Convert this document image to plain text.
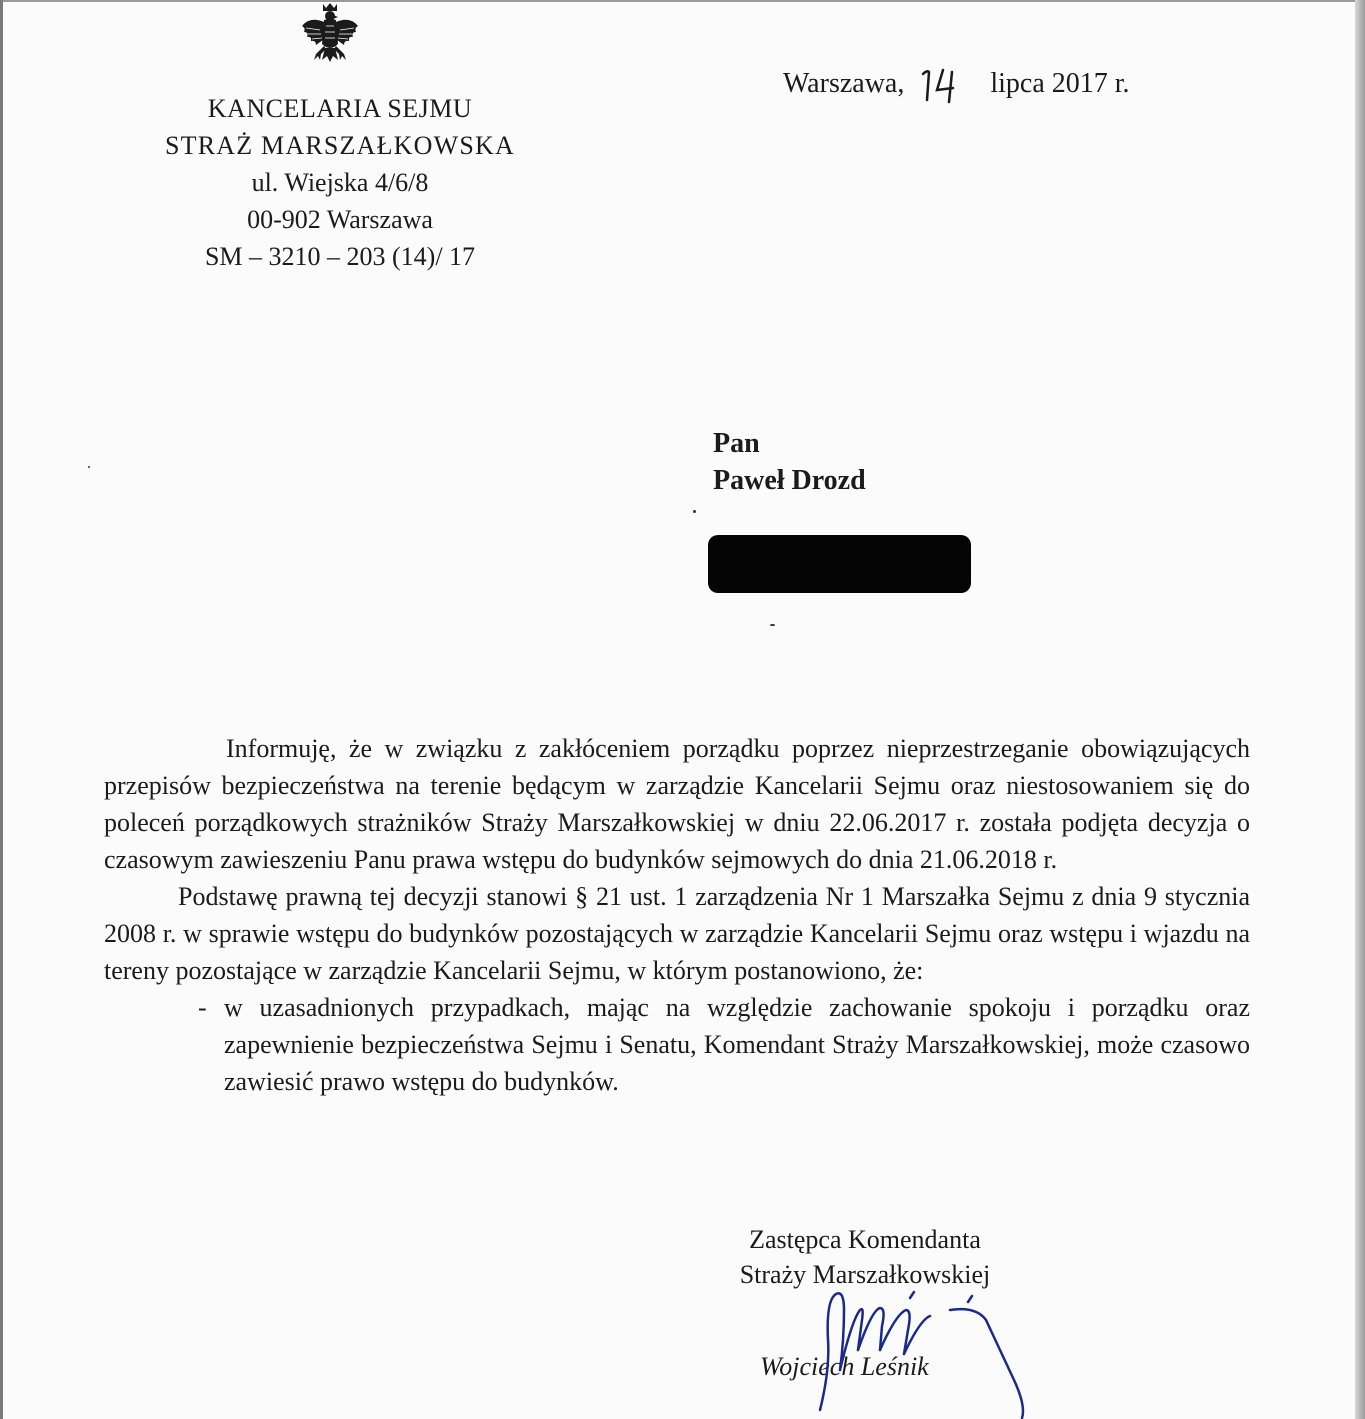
KANCELARIA SEJMU
STRAŻ MARSZAŁKOWSKA
ul. Wiejska 4/6/8
00-902 Warszawa
SM – 3210 – 203 (14)/ 17
Warszawa,	lipca 2017 r.
Pan
Paweł Drozd

Informuję, że w związku z zakłóceniem porządku poprzez nieprzestrzeganie obowiązujących przepisów bezpieczeństwa na terenie będącym w zarządzie Kancelarii Sejmu oraz niestosowaniem się do poleceń porządkowych strażników Straży Marszałkowskiej w dniu 22.06.2017 r. została podjęta decyzja o czasowym zawieszeniu Panu prawa wstępu do budynków sejmowych do dnia 21.06.2018 r.

Podstawę prawną tej decyzji stanowi § 21 ust. 1 zarządzenia Nr 1 Marszałka Sejmu z dnia 9 stycznia 2008 r. w sprawie wstępu do budynków pozostających w zarządzie Kancelarii Sejmu oraz wstępu i wjazdu na tereny pozostające w zarządzie Kancelarii Sejmu, w którym postanowiono, że:

- w uzasadnionych przypadkach, mając na względzie zachowanie spokoju i porządku oraz zapewnienie bezpieczeństwa Sejmu i Senatu, Komendant Straży Marszałkowskiej, może czasowo zawiesić prawo wstępu do budynków.
Zastępca Komendanta
Straży Marszałkowskiej
Wojciech Leśnik
